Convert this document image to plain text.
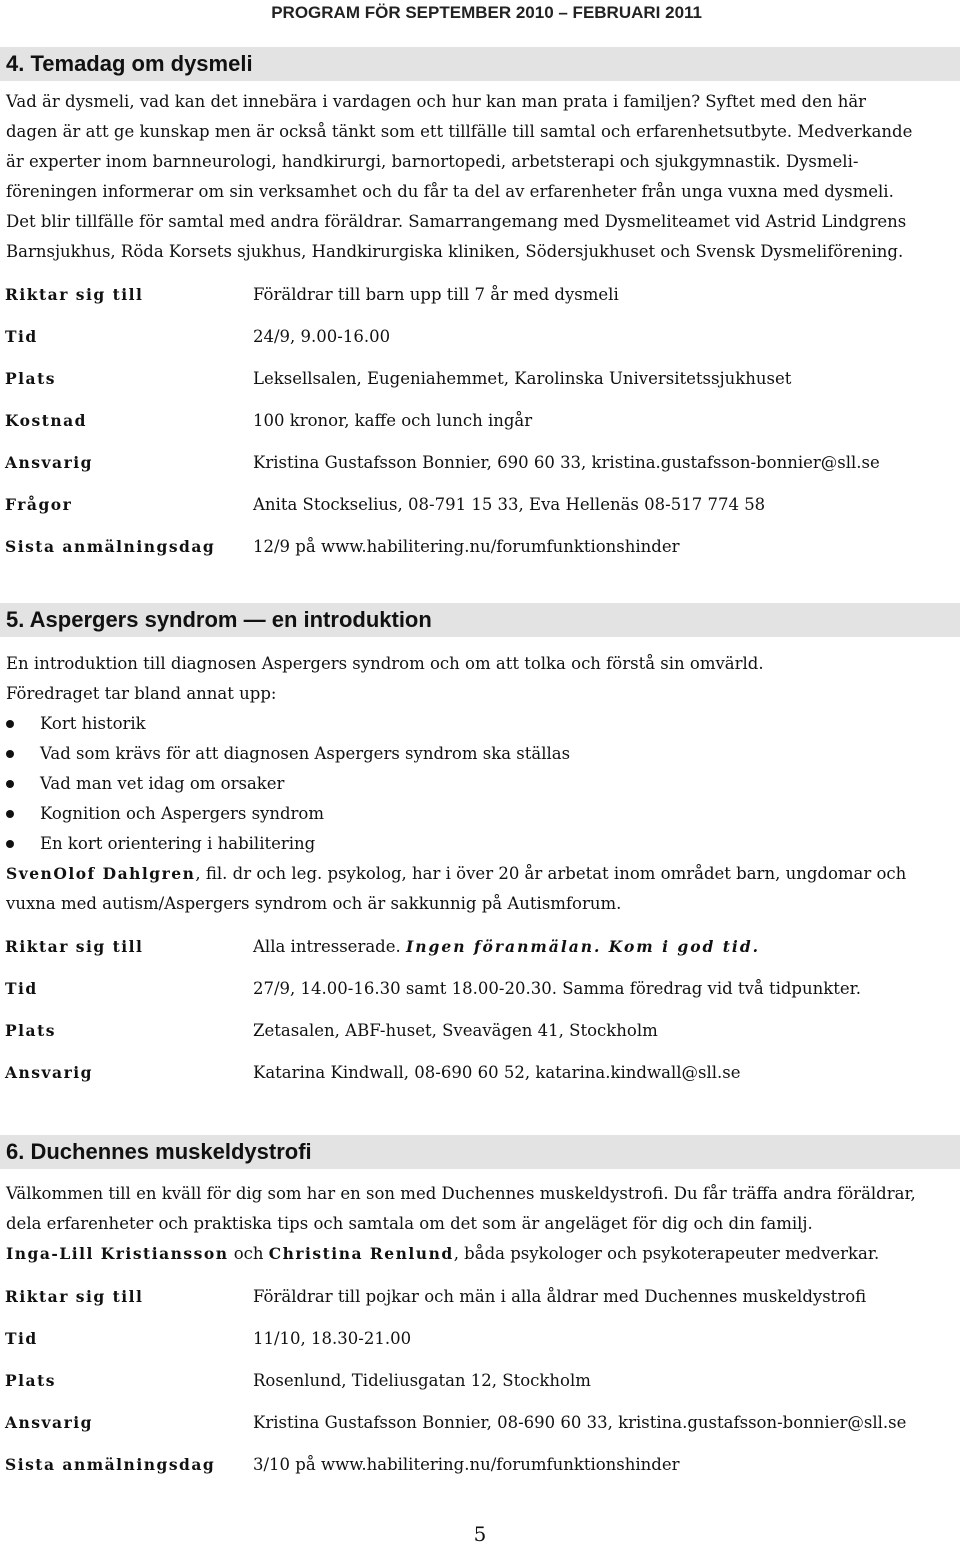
PROGRAM FÖR SEPTEMBER 2010 – FEBRUARI 2011
4. Temadag om dysmeli
Vad är dysmeli, vad kan det innebära i vardagen och hur kan man prata i familjen? Syftet med den här
dagen är att ge kunskap men är också tänkt som ett tillfälle till samtal och erfarenhetsutbyte. Medverkande
är experter inom barnneurologi, handkirurgi, barnortopedi, arbetsterapi och sjukgymnastik. Dysmeli-
föreningen informerar om sin verksamhet och du får ta del av erfarenheter från unga vuxna med dysmeli.
Det blir tillfälle för samtal med andra föräldrar. Samarrangemang med Dysmeliteamet vid Astrid Lindgrens
Barnsjukhus, Röda Korsets sjukhus, Handkirurgiska kliniken, Södersjukhuset och Svensk Dysmeliförening.
Riktar sig till	Föräldrar till barn upp till 7 år med dysmeli
Tid	24/9, 9.00-16.00
Plats	Leksellsalen, Eugeniahemmet, Karolinska Universitetssjukhuset
Kostnad	100 kronor, kaffe och lunch ingår
Ansvarig	Kristina Gustafsson Bonnier, 690 60 33, kristina.gustafsson-bonnier@sll.se
Frågor	Anita Stockselius, 08-791 15 33, Eva Hellenäs 08-517 774 58
Sista anmälningsdag	12/9 på www.habilitering.nu/forumfunktionshinder
5. Aspergers syndrom — en introduktion
En introduktion till diagnosen Aspergers syndrom och om att tolka och förstå sin omvärld.
Föredraget tar bland annat upp:
Kort historik
Vad som krävs för att diagnosen Aspergers syndrom ska ställas
Vad man vet idag om orsaker
Kognition och Aspergers syndrom
En kort orientering i habilitering
SvenOlof Dahlgren, fil. dr och leg. psykolog, har i över 20 år arbetat inom området barn, ungdomar och
vuxna med autism/Aspergers syndrom och är sakkunnig på Autismforum.
Riktar sig till	Alla intresserade. Ingen föranmälan. Kom i god tid.
Tid	27/9, 14.00-16.30 samt 18.00-20.30. Samma föredrag vid två tidpunkter.
Plats	Zetasalen, ABF-huset, Sveavägen 41, Stockholm
Ansvarig	Katarina Kindwall, 08-690 60 52, katarina.kindwall@sll.se
6. Duchennes muskeldystrofi
Välkommen till en kväll för dig som har en son med Duchennes muskeldystrofi. Du får träffa andra föräldrar,
dela erfarenheter och praktiska tips och samtala om det som är angeläget för dig och din familj.
Inga-Lill Kristiansson och Christina Renlund, båda psykologer och psykoterapeuter medverkar.
Riktar sig till	Föräldrar till pojkar och män i alla åldrar med Duchennes muskeldystrofi
Tid	11/10, 18.30-21.00
Plats	Rosenlund, Tideliusgatan 12, Stockholm
Ansvarig	Kristina Gustafsson Bonnier, 08-690 60 33, kristina.gustafsson-bonnier@sll.se
Sista anmälningsdag	3/10 på www.habilitering.nu/forumfunktionshinder
5
